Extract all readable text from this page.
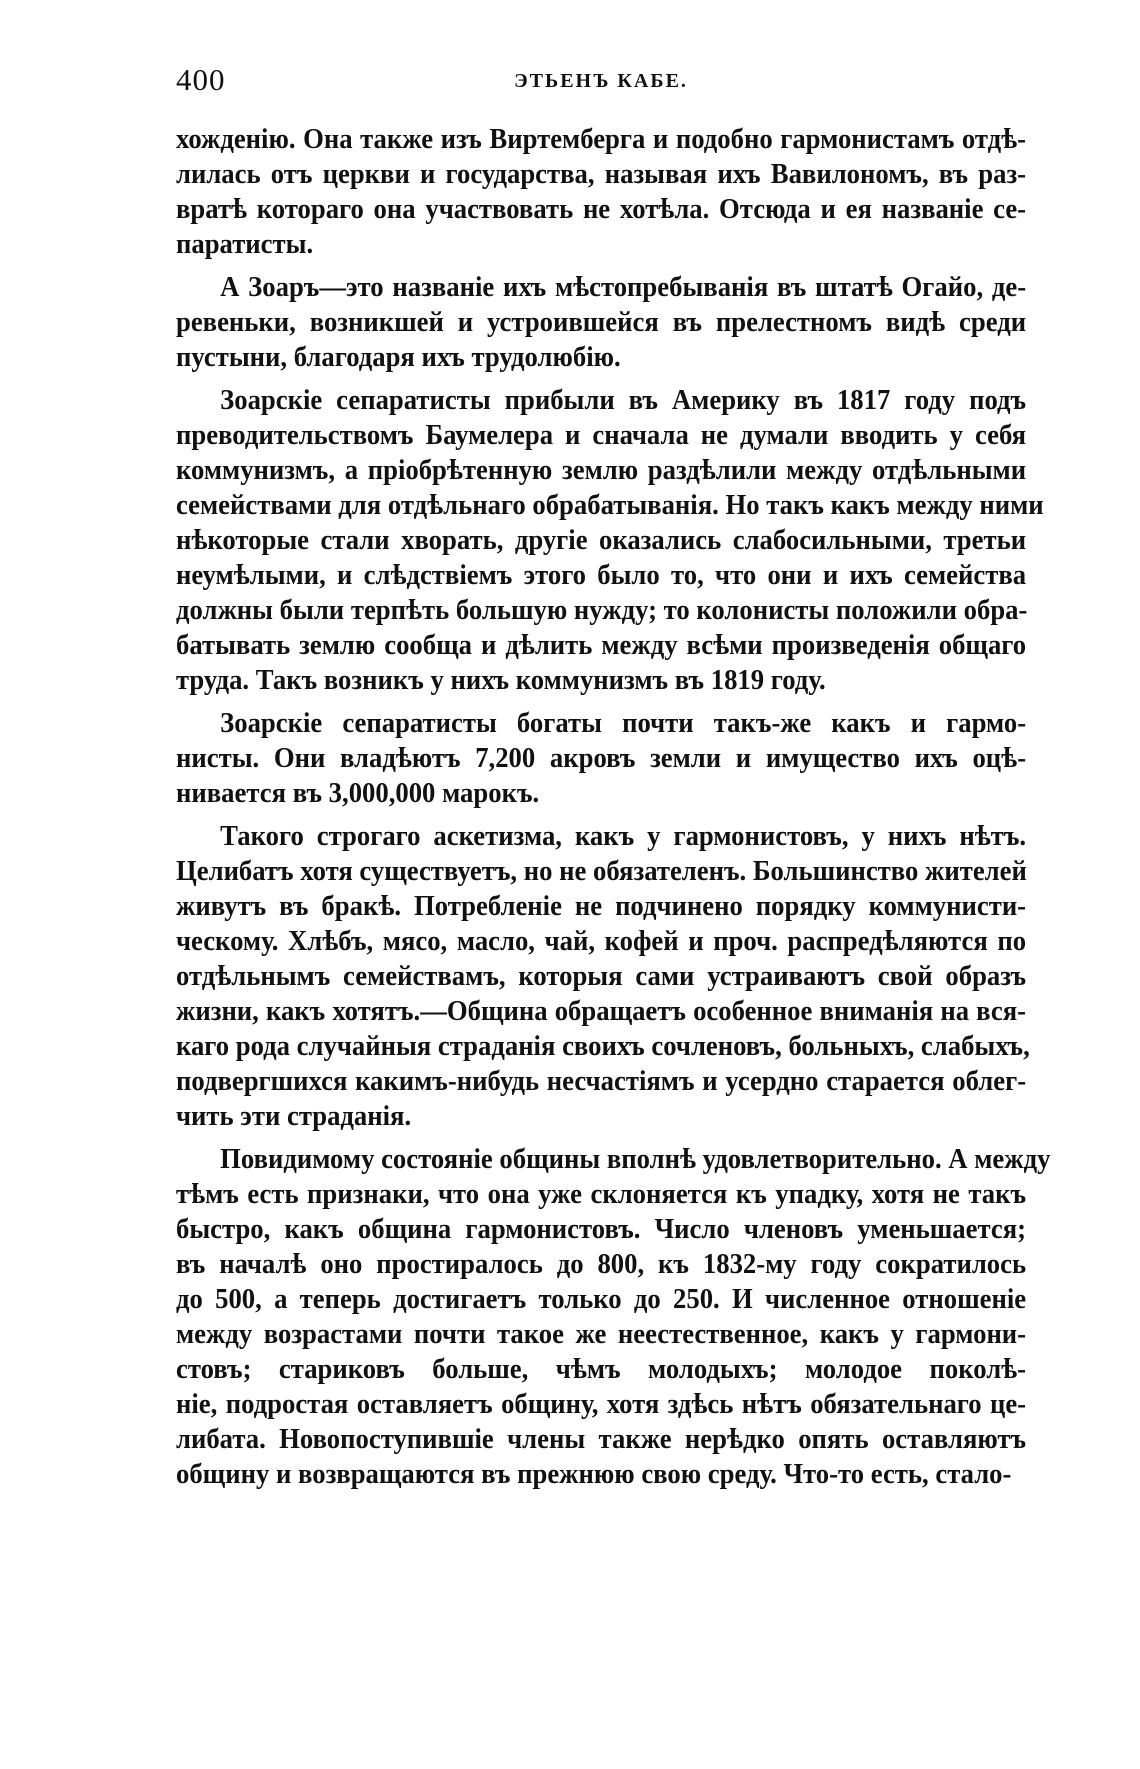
400	ЭТЬЕНЪ КАБЕ.
хожденію. Она также изъ Виртемберга и подобно гармонистамъ отдѣ-
лилась отъ церкви и государства, называя ихъ Вавилономъ, въ раз-
вратѣ котораго она участвовать не хотѣла. Отсюда и ея названіе се-
паратисты.
А Зоаръ—это названіе ихъ мѣстопребыванія въ штатѣ Огайо, де-
ревеньки, возникшей и устроившейся въ прелестномъ видѣ среди
пустыни, благодаря ихъ трудолюбію.
Зоарскіе сепаратисты прибыли въ Америку въ 1817 году подъ
преводительствомъ Баумелера и сначала не думали вводить у себя
коммунизмъ, а пріобрѣтенную землю раздѣлили между отдѣльными
семействами для отдѣльнаго обрабатыванія. Но такъ какъ между ними
нѣкоторые стали хворать, другіе оказались слабосильными, третьи
неумѣлыми, и слѣдствіемъ этого было то, что они и ихъ семейства
должны были терпѣть большую нужду; то колонисты положили обра-
батывать землю сообща и дѣлить между всѣми произведенія общаго
труда. Такъ возникъ у нихъ коммунизмъ въ 1819 году.
Зоарскіе сепаратисты богаты почти такъ-же какъ и гармо-
нисты. Они владѣютъ 7,200 акровъ земли и имущество ихъ оцѣ-
нивается въ 3,000,000 марокъ.
Такого строгаго аскетизма, какъ у гармонистовъ, у нихъ нѣтъ.
Целибатъ хотя существуетъ, но не обязателенъ. Большинство жителей
живутъ въ бракѣ. Потребленіе не подчинено порядку коммунисти-
ческому. Хлѣбъ, мясо, масло, чай, кофей и проч. распредѣляются по
отдѣльнымъ семействамъ, которыя сами устраиваютъ свой образъ
жизни, какъ хотятъ.—Община обращаетъ особенное вниманія на вся-
каго рода случайныя страданія своихъ сочленовъ, больныхъ, слабыхъ,
подвергшихся какимъ-нибудь несчастіямъ и усердно старается облег-
чить эти страданія.
Повидимому состояніе общины вполнѣ удовлетворительно. А между
тѣмъ есть признаки, что она уже склоняется къ упадку, хотя не такъ
быстро, какъ община гармонистовъ. Число членовъ уменьшается;
въ началѣ оно простиралось до 800, къ 1832-му году сократилось
до 500, а теперь достигаетъ только до 250. И численное отношеніе
между возрастами почти такое же неестественное, какъ у гармони-
стовъ; стариковъ больше, чѣмъ молодыхъ; молодое поколѣ-
ніе, подростая оставляетъ общину, хотя здѣсь нѣтъ обязательнаго це-
либата. Новопоступившіе члены также нерѣдко опять оставляютъ
общину и возвращаются въ прежнюю свою среду. Что-то есть, стало-
